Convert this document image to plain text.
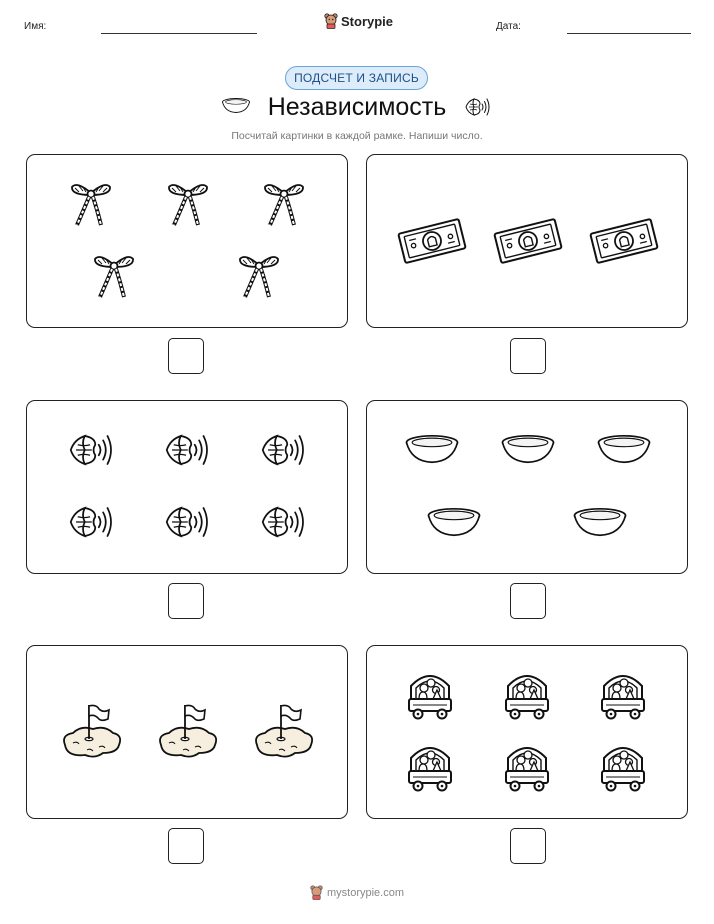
Имя:	Storypie	Дата:
ПОДСЧЕТ И ЗАПИСЬ
Независимость
Посчитай картинки в каждой рамке. Напиши число.
mystorypie.com
